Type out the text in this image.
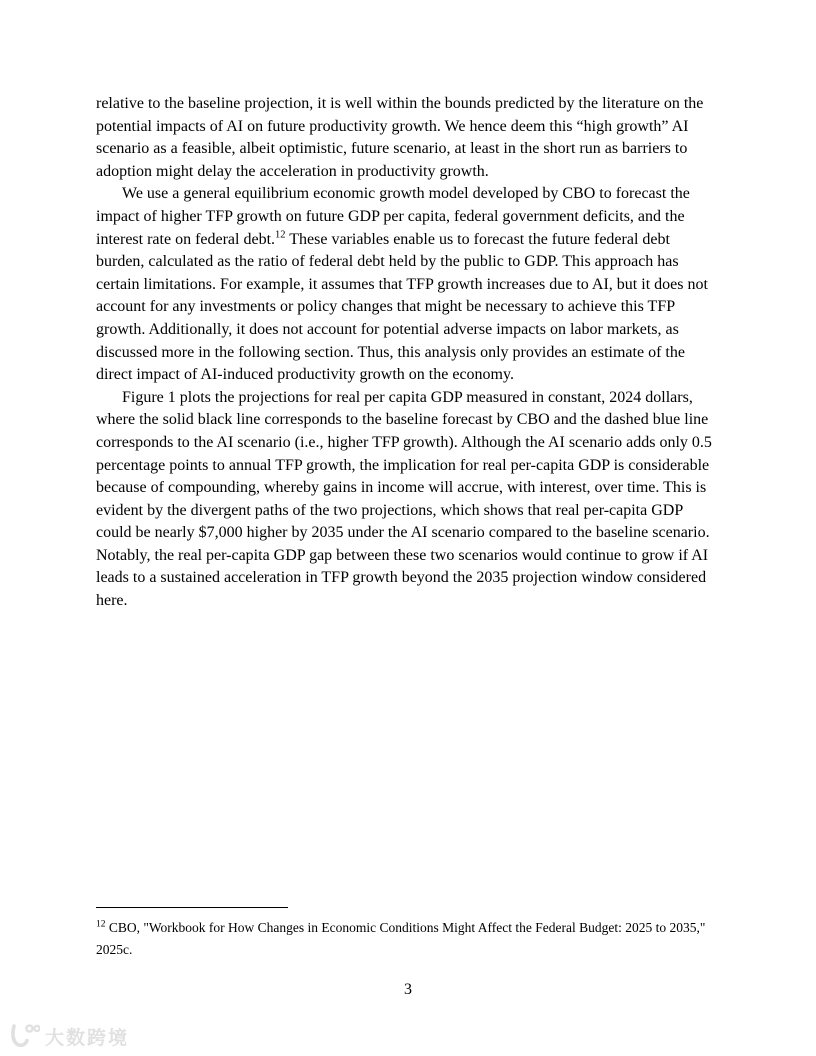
relative to the baseline projection, it is well within the bounds predicted by the literature on the potential impacts of AI on future productivity growth. We hence deem this “high growth” AI scenario as a feasible, albeit optimistic, future scenario, at least in the short run as barriers to adoption might delay the acceleration in productivity growth.

We use a general equilibrium economic growth model developed by CBO to forecast the impact of higher TFP growth on future GDP per capita, federal government deficits, and the interest rate on federal debt.$^{12}$ These variables enable us to forecast the future federal debt burden, calculated as the ratio of federal debt held by the public to GDP. This approach has certain limitations. For example, it assumes that TFP growth increases due to AI, but it does not account for any investments or policy changes that might be necessary to achieve this TFP growth. Additionally, it does not account for potential adverse impacts on labor markets, as discussed more in the following section. Thus, this analysis only provides an estimate of the direct impact of AI-induced productivity growth on the economy.

Figure 1 plots the projections for real per capita GDP measured in constant, 2024 dollars, where the solid black line corresponds to the baseline forecast by CBO and the dashed blue line corresponds to the AI scenario (i.e., higher TFP growth). Although the AI scenario adds only 0.5 percentage points to annual TFP growth, the implication for real per-capita GDP is considerable because of compounding, whereby gains in income will accrue, with interest, over time. This is evident by the divergent paths of the two projections, which shows that real per-capita GDP could be nearly $7,000 higher by 2035 under the AI scenario compared to the baseline scenario. Notably, the real per-capita GDP gap between these two scenarios would continue to grow if AI leads to a sustained acceleration in TFP growth beyond the 2035 projection window considered here.

$^{12}$ CBO, "Workbook for How Changes in Economic Conditions Might Affect the Federal Budget: 2025 to 2035," 2025c.

3
大数跨境
